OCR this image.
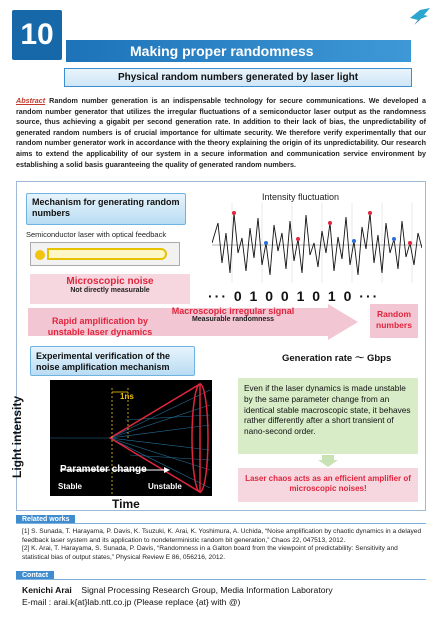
10	Making proper randomness
Physical random numbers generated by laser light
Abstract Random number generation is an indispensable technology for secure communications. We developed a random number generator that utilizes the irregular fluctuations of a semiconductor laser output as the randomness source, thus achieving a gigabit per second generation rate. In addition to their lack of bias, the unpredictability of generated random numbers is of crucial importance for ultimate security. We therefore verify experimentally that our random number generator work in accordance with the theory explaining the origin of its unpredictability. Our research aims to extend the applicability of our system in a secure information and communication service environment by establishing a solid basis guaranteeing the quality of generated random numbers.
Mechanism for generating random numbers
Semiconductor laser with optical feedback
Intensity fluctuation
Microscopic noise
Not directly measurable	··· 0 1 0 0 1 0 1 0 ···
Rapid amplification by unstable laser dynamics
Macroscopic irregular signal
Measurable randomness
Random numbers
Experimental verification of the noise amplification mechanism
Generation rate 〜 Gbps
Light intensity	1ns
Parameter change
Stable	Unstable
Time
Even if the laser dynamics is made unstable by the same parameter change from an identical stable macroscopic state, it behaves rather differently after a short transient of nano-second order.
Laser chaos acts as an efficient amplifier of microscopic noises!
Related works
[1] S. Sunada, T. Harayama, P. Davis, K. Tsuzuki, K. Arai, K. Yoshimura, A. Uchida, “Noise amplification by chaotic dynamics in a delayed feedback laser system and its application to nondeterministic random bit generation,” Chaos 22, 047513, 2012.
[2] K. Arai, T. Harayama, S. Sunada, P. Davis, “Randomness in a Galton board from the viewpoint of predictability: Sensitivity and statistical bias of output states,” Physical Review E 86, 056216, 2012.
Contact
Kenichi Arai Signal Processing Research Group, Media Information Laboratory
E-mail : arai.k{at}lab.ntt.co.jp (Please replace {at} with @)
